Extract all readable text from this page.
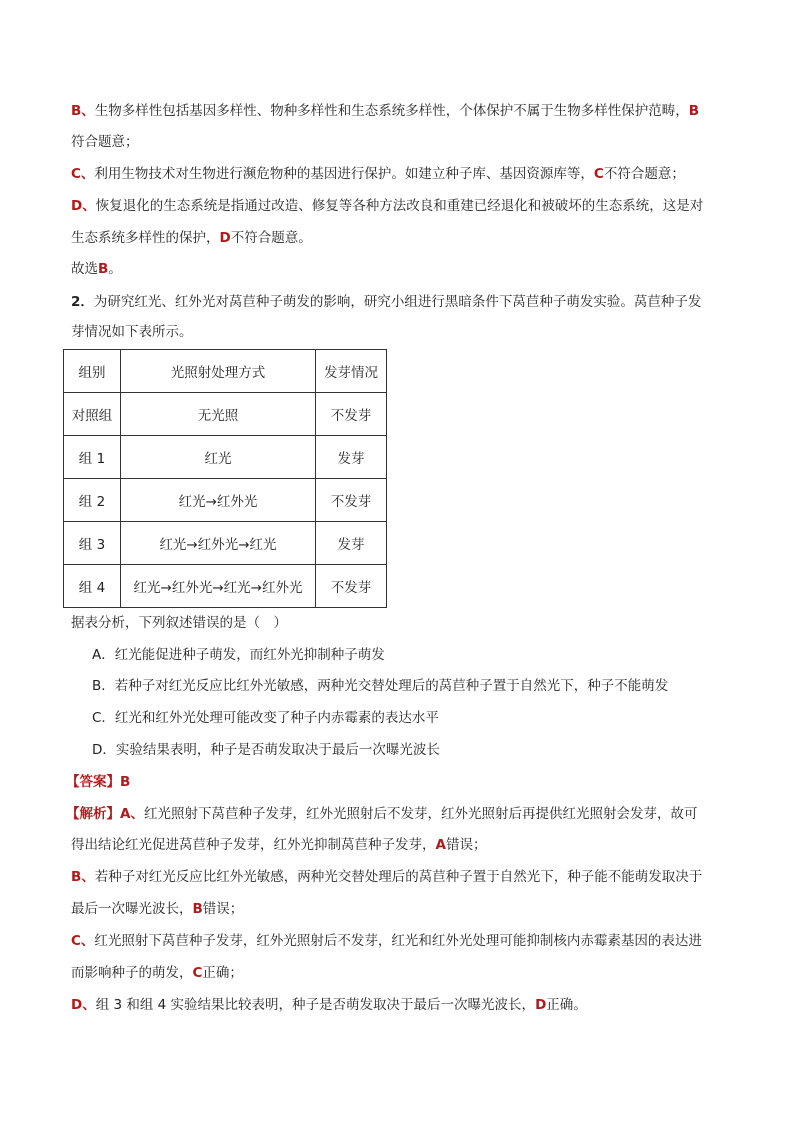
B、生物多样性包括基因多样性、物种多样性和生态系统多样性，个体保护不属于生物多样性保护范畴，B
符合题意；
C、利用生物技术对生物进行濒危物种的基因进行保护。如建立种子库、基因资源库等，C不符合题意；
D、恢复退化的生态系统是指通过改造、修复等各种方法改良和重建已经退化和被破坏的生态系统，这是对
生态系统多样性的保护，D不符合题意。
故选B。
2．为研究红光、红外光对莴苣种子萌发的影响，研究小组进行黑暗条件下莴苣种子萌发实验。莴苣种子发
芽情况如下表所示。
组别	光照射处理方式	发芽情况
对照组	无光照	不发芽
组 1	红光	发芽
组 2	红光→红外光	不发芽
组 3	红光→红外光→红光	发芽
组 4	红光→红外光→红光→红外光	不发芽
据表分析，下列叙述错误的是（　）
A．红光能促进种子萌发，而红外光抑制种子萌发
B．若种子对红光反应比红外光敏感，两种光交替处理后的莴苣种子置于自然光下，种子不能萌发
C．红光和红外光处理可能改变了种子内赤霉素的表达水平
D．实验结果表明，种子是否萌发取决于最后一次曝光波长
【答案】B
【解析】A、红光照射下莴苣种子发芽，红外光照射后不发芽，红外光照射后再提供红光照射会发芽，故可
得出结论红光促进莴苣种子发芽，红外光抑制莴苣种子发芽，A错误；
B、若种子对红光反应比红外光敏感，两种光交替处理后的莴苣种子置于自然光下，种子能不能萌发取决于
最后一次曝光波长，B错误；
C、红光照射下莴苣种子发芽，红外光照射后不发芽，红光和红外光处理可能抑制核内赤霉素基因的表达进
而影响种子的萌发，C正确；
D、组 3 和组 4 实验结果比较表明，种子是否萌发取决于最后一次曝光波长，D正确。
